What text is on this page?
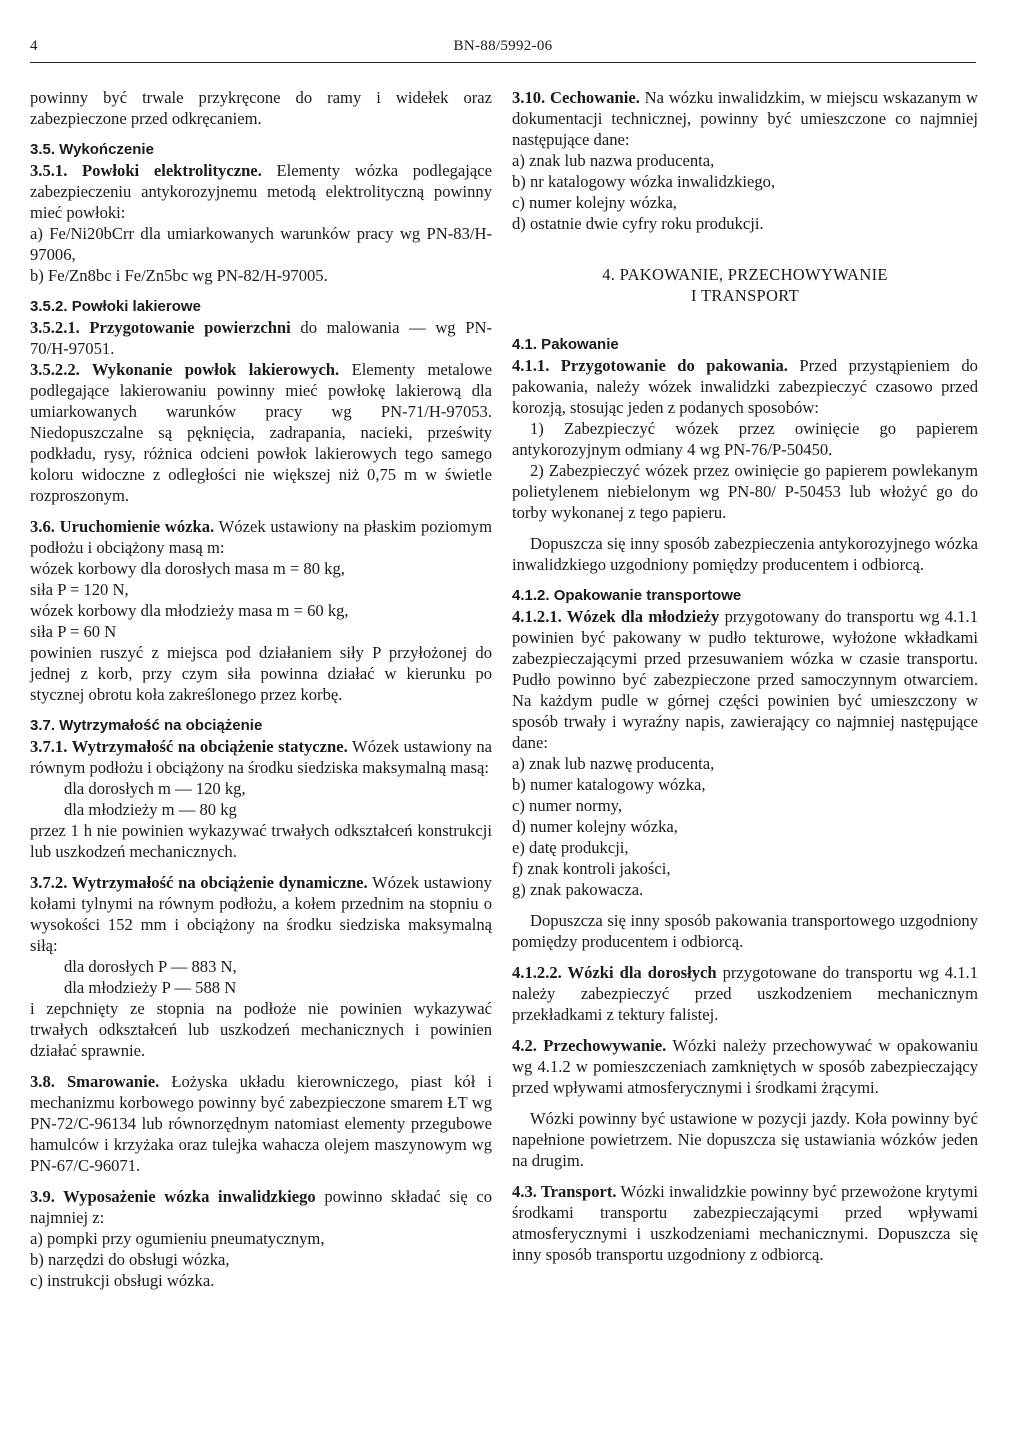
4	BN-88/5992-06

powinny być trwale przykręcone do ramy i widełek oraz zabezpieczone przed odkręcaniem.

3.5. Wykończenie

3.5.1. Powłoki elektrolityczne. Elementy wózka podlegające zabezpieczeniu antykorozyjnemu metodą elektrolityczną powinny mieć powłoki:
a) Fe/Ni20bCrr dla umiarkowanych warunków pracy wg PN-83/H-97006,
b) Fe/Zn8bc i Fe/Zn5bc wg PN-82/H-97005.

3.5.2. Powłoki lakierowe

3.5.2.1. Przygotowanie powierzchni do malowania — wg PN-70/H-97051.

3.5.2.2. Wykonanie powłok lakierowych. Elementy metalowe podlegające lakierowaniu powinny mieć powłokę lakierową dla umiarkowanych warunków pracy wg PN-71/H-97053. Niedopuszczalne są pęknięcia, zadrapania, nacieki, prześwity podkładu, rysy, różnica odcieni powłok lakierowych tego samego koloru widoczne z odległości nie większej niż 0,75 m w świetle rozproszonym.

3.6. Uruchomienie wózka. Wózek ustawiony na płaskim poziomym podłożu i obciążony masą m:
wózek korbowy dla dorosłych masa m = 80 kg,
siła P = 120 N,
wózek korbowy dla młodzieży masa m = 60 kg,
siła P = 60 N
powinien ruszyć z miejsca pod działaniem siły P przyłożonej do jednej z korb, przy czym siła powinna działać w kierunku po stycznej obrotu koła zakreślonego przez korbę.

3.7. Wytrzymałość na obciążenie

3.7.1. Wytrzymałość na obciążenie statyczne. Wózek ustawiony na równym podłożu i obciążony na środku siedziska maksymalną masą:
dla dorosłych m — 120 kg,
dla młodzieży m — 80 kg
przez 1 h nie powinien wykazywać trwałych odkształceń konstrukcji lub uszkodzeń mechanicznych.

3.7.2. Wytrzymałość na obciążenie dynamiczne. Wózek ustawiony kołami tylnymi na równym podłożu, a kołem przednim na stopniu o wysokości 152 mm i obciążony na środku siedziska maksymalną siłą:
dla dorosłych P — 883 N,
dla młodzieży P — 588 N
i zepchnięty ze stopnia na podłoże nie powinien wykazywać trwałych odkształceń lub uszkodzeń mechanicznych i powinien działać sprawnie.

3.8. Smarowanie. Łożyska układu kierowniczego, piast kół i mechanizmu korbowego powinny być zabezpieczone smarem ŁT wg PN-72/C-96134 lub równorzędnym natomiast elementy przegubowe hamulców i krzyżaka oraz tulejka wahacza olejem maszynowym wg PN-67/C-96071.

3.9. Wyposażenie wózka inwalidzkiego powinno składać się co najmniej z:
a) pompki przy ogumieniu pneumatycznym,
b) narzędzi do obsługi wózka,
c) instrukcji obsługi wózka.

3.10. Cechowanie. Na wózku inwalidzkim, w miejscu wskazanym w dokumentacji technicznej, powinny być umieszczone co najmniej następujące dane:
a) znak lub nazwa producenta,
b) nr katalogowy wózka inwalidzkiego,
c) numer kolejny wózka,
d) ostatnie dwie cyfry roku produkcji.

4. PAKOWANIE, PRZECHOWYWANIE
I TRANSPORT

4.1. Pakowanie

4.1.1. Przygotowanie do pakowania. Przed przystąpieniem do pakowania, należy wózek inwalidzki zabezpieczyć czasowo przed korozją, stosując jeden z podanych sposobów:

1) Zabezpieczyć wózek przez owinięcie go papierem antykorozyjnym odmiany 4 wg PN-76/P-50450.

2) Zabezpieczyć wózek przez owinięcie go papierem powlekanym polietylenem niebielonym wg PN-80/ P-50453 lub włożyć go do torby wykonanej z tego papieru.

Dopuszcza się inny sposób zabezpieczenia antykorozyjnego wózka inwalidzkiego uzgodniony pomiędzy producentem i odbiorcą.

4.1.2. Opakowanie transportowe

4.1.2.1. Wózek dla młodzieży przygotowany do transportu wg 4.1.1 powinien być pakowany w pudło tekturowe, wyłożone wkładkami zabezpieczającymi przed przesuwaniem wózka w czasie transportu. Pudło powinno być zabezpieczone przed samoczynnym otwarciem. Na każdym pudle w górnej części powinien być umieszczony w sposób trwały i wyraźny napis, zawierający co najmniej następujące dane:

a) znak lub nazwę producenta,
b) numer katalogowy wózka,
c) numer normy,
d) numer kolejny wózka,
e) datę produkcji,
f) znak kontroli jakości,
g) znak pakowacza.

Dopuszcza się inny sposób pakowania transportowego uzgodniony pomiędzy producentem i odbiorcą.

4.1.2.2. Wózki dla dorosłych przygotowane do transportu wg 4.1.1 należy zabezpieczyć przed uszkodzeniem mechanicznym przekładkami z tektury falistej.

4.2. Przechowywanie. Wózki należy przechowywać w opakowaniu wg 4.1.2 w pomieszczeniach zamkniętych w sposób zabezpieczający przed wpływami atmosferycznymi i środkami żrącymi.

Wózki powinny być ustawione w pozycji jazdy. Koła powinny być napełnione powietrzem. Nie dopuszcza się ustawiania wózków jeden na drugim.

4.3. Transport. Wózki inwalidzkie powinny być przewożone krytymi środkami transportu zabezpieczającymi przed wpływami atmosferycznymi i uszkodzeniami mechanicznymi. Dopuszcza się inny sposób transportu uzgodniony z odbiorcą.
